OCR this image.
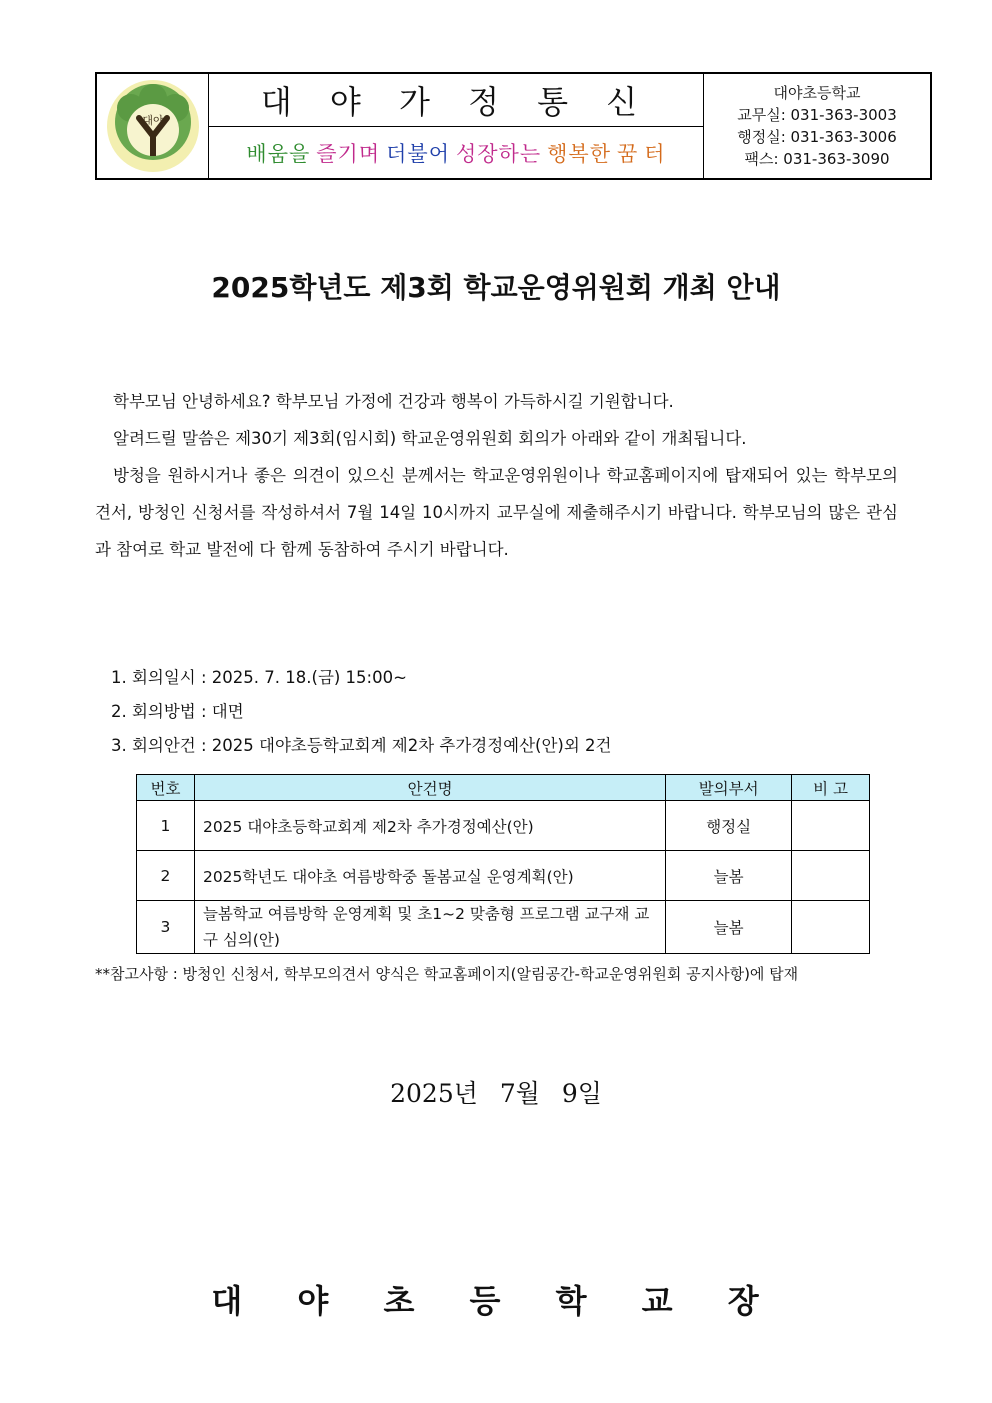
대야	대 야 가 정 통 신
배움을 즐기며 더불어 성장하는 행복한 꿈 터
대야초등학교
교무실: 031-363-3003
행정실: 031-363-3006
팩스: 031-363-3090
2025학년도 제3회 학교운영위원회 개최 안내

학부모님 안녕하세요? 학부모님 가정에 건강과 행복이 가득하시길 기원합니다.

알려드릴 말씀은 제30기 제3회(임시회) 학교운영위원회 회의가 아래와 같이 개최됩니다.

방청을 원하시거나 좋은 의견이 있으신 분께서는 학교운영위원이나 학교홈페이지에 탑재되어 있는 학부모의견서, 방청인 신청서를 작성하셔서 7월 14일 10시까지 교무실에 제출해주시기 바랍니다. 학부모님의 많은 관심과 참여로 학교 발전에 다 함께 동참하여 주시기 바랍니다.

1. 회의일시 : 2025. 7. 18.(금) 15:00~
2. 회의방법 : 대면
3. 회의안건 : 2025 대야초등학교회계 제2차 추가경정예산(안)외 2건
번호	안건명	발의부서	비 고
1	2025 대야초등학교회계 제2차 추가경정예산(안)	행정실	
2	2025학년도 대야초 여름방학중 돌봄교실 운영계획(안)	늘봄	
3	늘봄학교 여름방학 운영계획 및 초1~2 맞춤형 프로그램 교구재 교구 심의(안)	늘봄	
**참고사항 : 방청인 신청서, 학부모의견서 양식은 학교홈페이지(알림공간-학교운영위원회 공지사항)에 탑재
2025년 7월 9일
대 야 초 등 학 교 장
